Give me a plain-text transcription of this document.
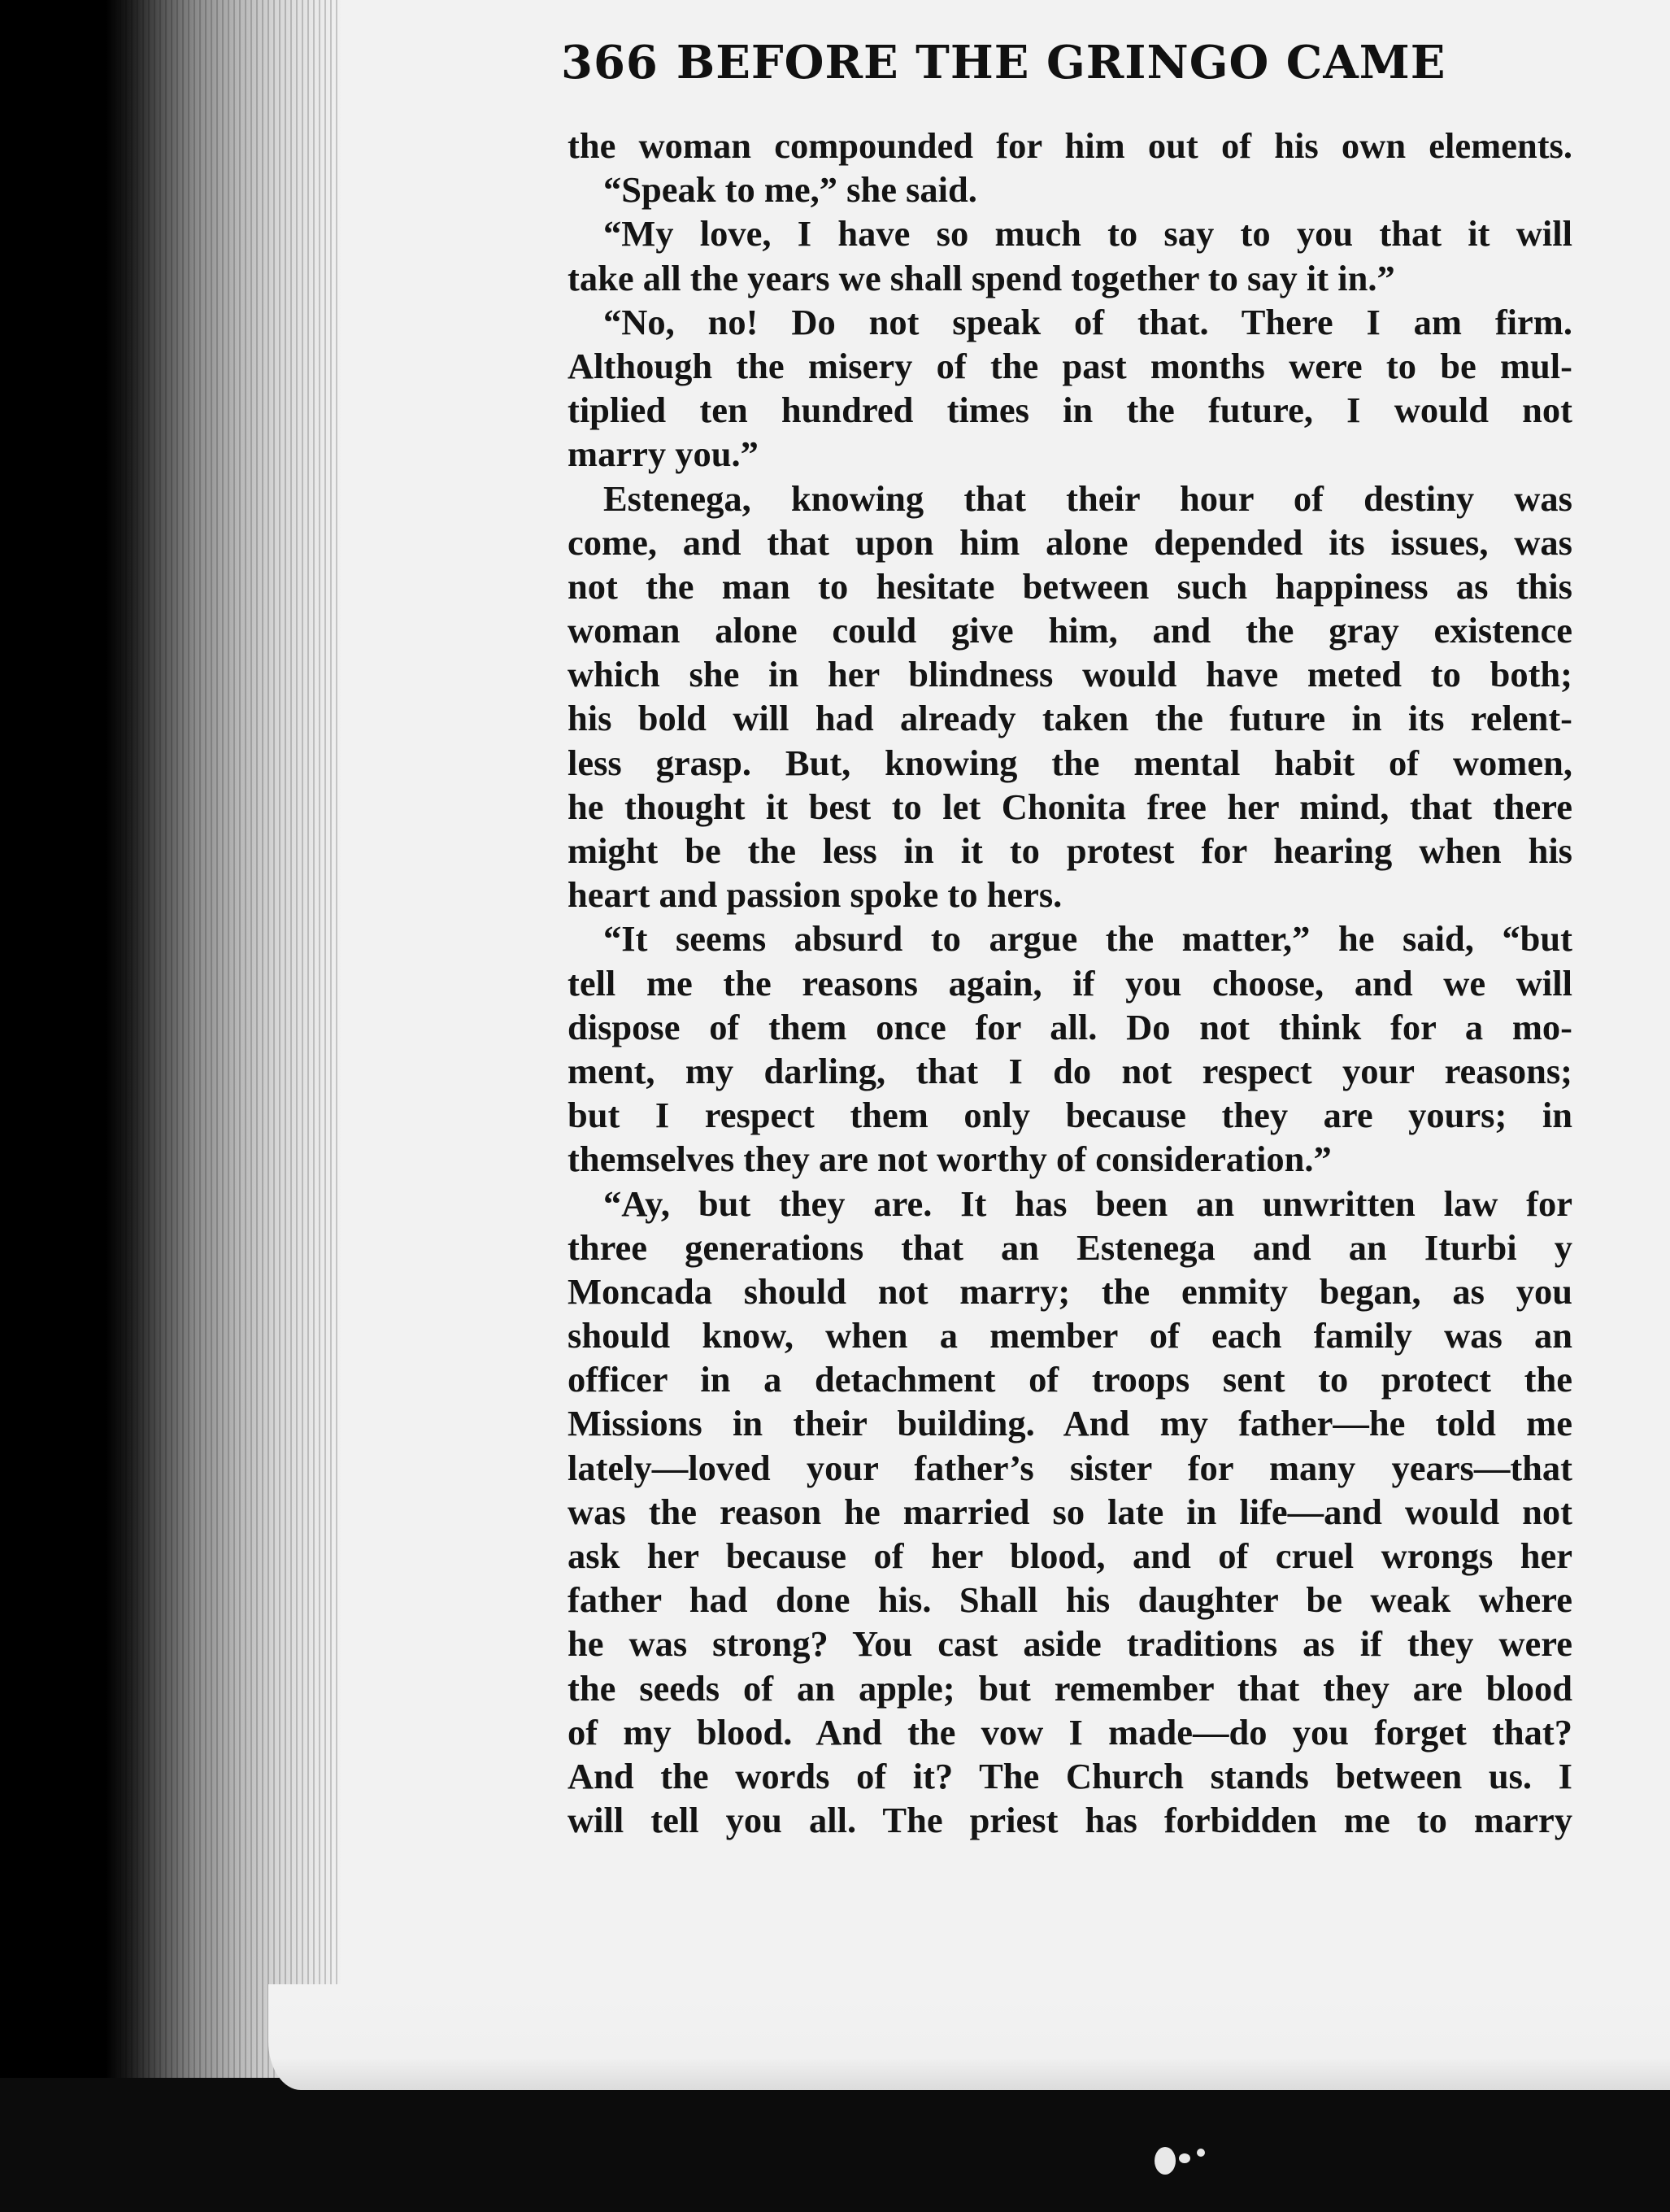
366 BEFORE THE GRINGO CAME
the woman compounded for him out of his own elements.
“Speak to me,” she said.
“My love, I have so much to say to you that it will
take all the years we shall spend together to say it in.”
“No, no! Do not speak of that. There I am firm.
Although the misery of the past months were to be mul-
tiplied ten hundred times in the future, I would not
marry you.”
Estenega, knowing that their hour of destiny was
come, and that upon him alone depended its issues, was
not the man to hesitate between such happiness as this
woman alone could give him, and the gray existence
which she in her blindness would have meted to both;
his bold will had already taken the future in its relent-
less grasp. But, knowing the mental habit of women,
he thought it best to let Chonita free her mind, that there
might be the less in it to protest for hearing when his
heart and passion spoke to hers.
“It seems absurd to argue the matter,” he said, “but
tell me the reasons again, if you choose, and we will
dispose of them once for all. Do not think for a mo-
ment, my darling, that I do not respect your reasons;
but I respect them only because they are yours; in
themselves they are not worthy of consideration.”
“Ay, but they are. It has been an unwritten law for
three generations that an Estenega and an Iturbi y
Moncada should not marry; the enmity began, as you
should know, when a member of each family was an
officer in a detachment of troops sent to protect the
Missions in their building. And my father—he told me
lately—loved your father’s sister for many years—that
was the reason he married so late in life—and would not
ask her because of her blood, and of cruel wrongs her
father had done his. Shall his daughter be weak where
he was strong? You cast aside traditions as if they were
the seeds of an apple; but remember that they are blood
of my blood. And the vow I made—do you forget that?
And the words of it? The Church stands between us. I
will tell you all. The priest has forbidden me to marry
